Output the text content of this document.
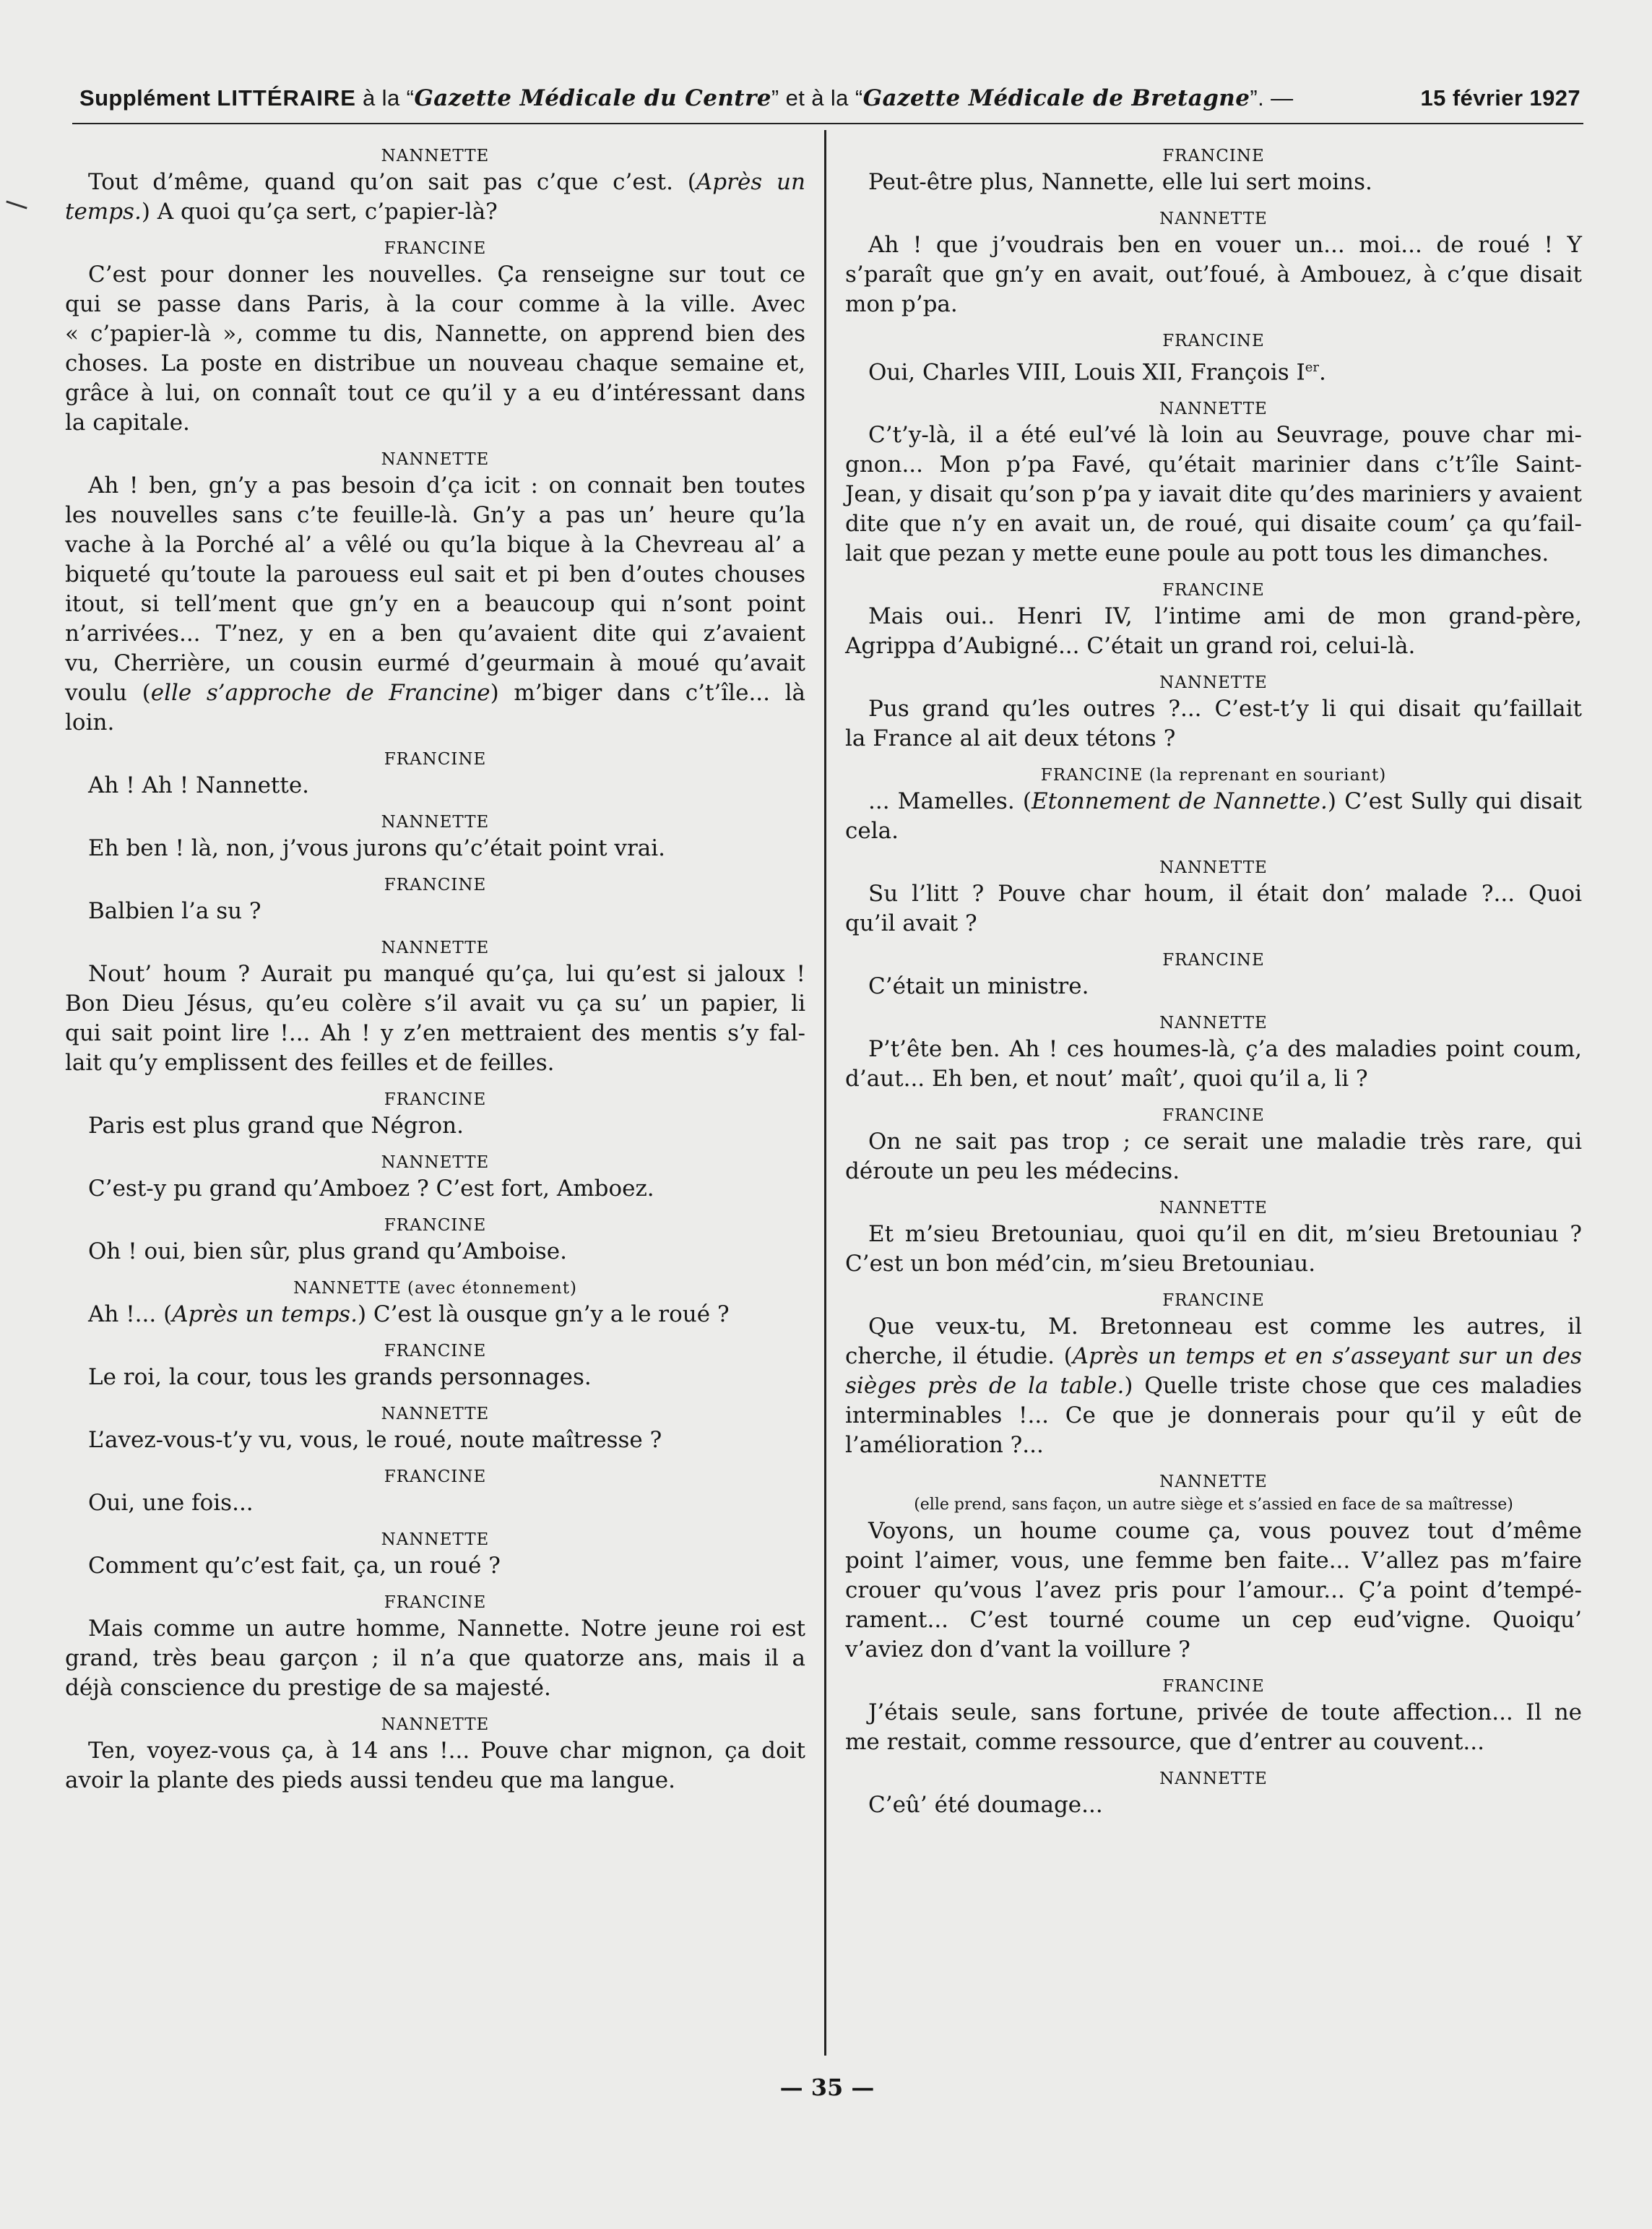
Supplément LITTÉRAIRE à la “Gazette Médicale du Centre” et à la “Gazette Médicale de Bretagne”. —	15 février 1927

NANNETTE

Tout d’même, quand qu’on sait pas c’que c’est. (Après un

temps.) A quoi qu’ça sert, c’papier-là?

FRANCINE

C’est pour donner les nouvelles. Ça renseigne sur tout ce

qui se passe dans Paris, à la cour comme à la ville. Avec

« c’papier-là », comme tu dis, Nannette, on apprend bien des

choses. La poste en distribue un nouveau chaque semaine et,

grâce à lui, on connaît tout ce qu’il y a eu d’intéressant dans

la capitale.

NANNETTE

Ah ! ben, gn’y a pas besoin d’ça icit : on connait ben toutes

les nouvelles sans c’te feuille-là. Gn’y a pas un’ heure qu’la

vache à la Porché al’ a vêlé ou qu’la bique à la Chevreau al’ a

biqueté qu’toute la parouess eul sait et pi ben d’outes chouses

itout, si tell’ment que gn’y en a beaucoup qui n’sont point

n’arrivées... T’nez, y en a ben qu’avaient dite qui z’avaient

vu, Cherrière, un cousin eurmé d’geurmain à moué qu’avait

voulu (elle s’approche de Francine) m’biger dans c’t’île... là

loin.

FRANCINE

Ah ! Ah ! Nannette.

NANNETTE

Eh ben ! là, non, j’vous jurons qu’c’était point vrai.

FRANCINE

Balbien l’a su ?

NANNETTE

Nout’ houm ? Aurait pu manqué qu’ça, lui qu’est si jaloux !

Bon Dieu Jésus, qu’eu colère s’il avait vu ça su’ un papier, li

qui sait point lire !... Ah ! y z’en mettraient des mentis s’y fal-

lait qu’y emplissent des feilles et de feilles.

FRANCINE

Paris est plus grand que Négron.

NANNETTE

C’est-y pu grand qu’Amboez ? C’est fort, Amboez.

FRANCINE

Oh ! oui, bien sûr, plus grand qu’Amboise.

NANNETTE (avec étonnement)

Ah !... (Après un temps.) C’est là ousque gn’y a le roué ?

FRANCINE

Le roi, la cour, tous les grands personnages.

NANNETTE

L’avez-vous-t’y vu, vous, le roué, noute maîtresse ?

FRANCINE

Oui, une fois...

NANNETTE

Comment qu’c’est fait, ça, un roué ?

FRANCINE

Mais comme un autre homme, Nannette. Notre jeune roi est

grand, très beau garçon ; il n’a que quatorze ans, mais il a

déjà conscience du prestige de sa majesté.

NANNETTE

Ten, voyez-vous ça, à 14 ans !... Pouve char mignon, ça doit

avoir la plante des pieds aussi tendeu que ma langue.

FRANCINE

Peut-être plus, Nannette, elle lui sert moins.

NANNETTE

Ah ! que j’voudrais ben en vouer un... moi... de roué ! Y

s’paraît que gn’y en avait, out’foué, à Ambouez, à c’que disait

mon p’pa.

FRANCINE

Oui, Charles VIII, Louis XII, François Ier.

NANNETTE

C’t’y-là, il a été eul’vé là loin au Seuvrage, pouve char mi-

gnon... Mon p’pa Favé, qu’était marinier dans c’t’île Saint-

Jean, y disait qu’son p’pa y iavait dite qu’des mariniers y avaient

dite que n’y en avait un, de roué, qui disaite coum’ ça qu’fail-

lait que pezan y mette eune poule au pott tous les dimanches.

FRANCINE

Mais oui.. Henri IV, l’intime ami de mon grand-père,

Agrippa d’Aubigné... C’était un grand roi, celui-là.

NANNETTE

Pus grand qu’les outres ?... C’est-t’y li qui disait qu’faillait

la France al ait deux tétons ?

FRANCINE (la reprenant en souriant)

... Mamelles. (Etonnement de Nannette.) C’est Sully qui disait

cela.

NANNETTE

Su l’litt ? Pouve char houm, il était don’ malade ?... Quoi

qu’il avait ?

FRANCINE

C’était un ministre.

NANNETTE

P’t’ête ben. Ah ! ces houmes-là, ç’a des maladies point coum,

d’aut... Eh ben, et nout’ maît’, quoi qu’il a, li ?

FRANCINE

On ne sait pas trop ; ce serait une maladie très rare, qui

déroute un peu les médecins.

NANNETTE

Et m’sieu Bretouniau, quoi qu’il en dit, m’sieu Bretouniau ?

C’est un bon méd’cin, m’sieu Bretouniau.

FRANCINE

Que veux-tu, M. Bretonneau est comme les autres, il

cherche, il étudie. (Après un temps et en s’asseyant sur un des

sièges près de la table.) Quelle triste chose que ces maladies

interminables !... Ce que je donnerais pour qu’il y eût de

l’amélioration ?...

NANNETTE

(elle prend, sans façon, un autre siège et s’assied en face de sa maîtresse)

Voyons, un houme coume ça, vous pouvez tout d’même

point l’aimer, vous, une femme ben faite... V’allez pas m’faire

crouer qu’vous l’avez pris pour l’amour... Ç’a point d’tempé-

rament... C’est tourné coume un cep eud’vigne. Quoiqu’

v’aviez don d’vant la voillure ?

FRANCINE

J’étais seule, sans fortune, privée de toute affection... Il ne

me restait, comme ressource, que d’entrer au couvent...

NANNETTE

C’eû’ été doumage...

— 35 —
